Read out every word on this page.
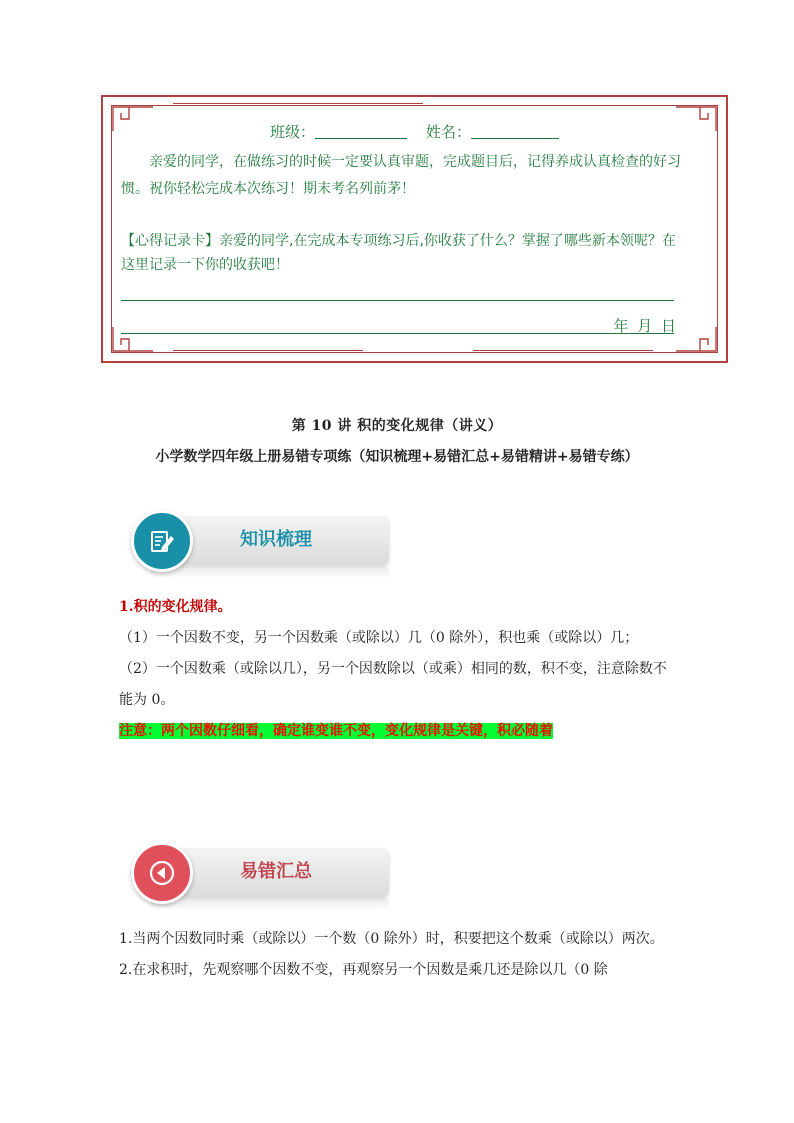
班级：	姓名：
亲爱的同学，在做练习的时候一定要认真审题，完成题目后，记得养成认真检查的好习惯。祝你轻松完成本次练习！期末考名列前茅！
【心得记录卡】亲爱的同学,在完成本专项练习后,你收获了什么？掌握了哪些新本领呢？在这里记录一下你的收获吧！
年 月 日
第 10 讲 积的变化规律（讲义）
小学数学四年级上册易错专项练（知识梳理+易错汇总+易错精讲+易错专练）
知识梳理
1.积的变化规律。
（1）一个因数不变，另一个因数乘（或除以）几（0 除外），积也乘（或除以）几；
（2）一个因数乘（或除以几），另一个因数除以（或乘）相同的数，积不变，注意除数不能为 0。
注意：两个因数仔细看，确定谁变谁不变，变化规律是关键，积必随着
易错汇总
1.当两个因数同时乘（或除以）一个数（0 除外）时，积要把这个数乘（或除以）两次。
2.在求积时，先观察哪个因数不变，再观察另一个因数是乘几还是除以几（0 除
